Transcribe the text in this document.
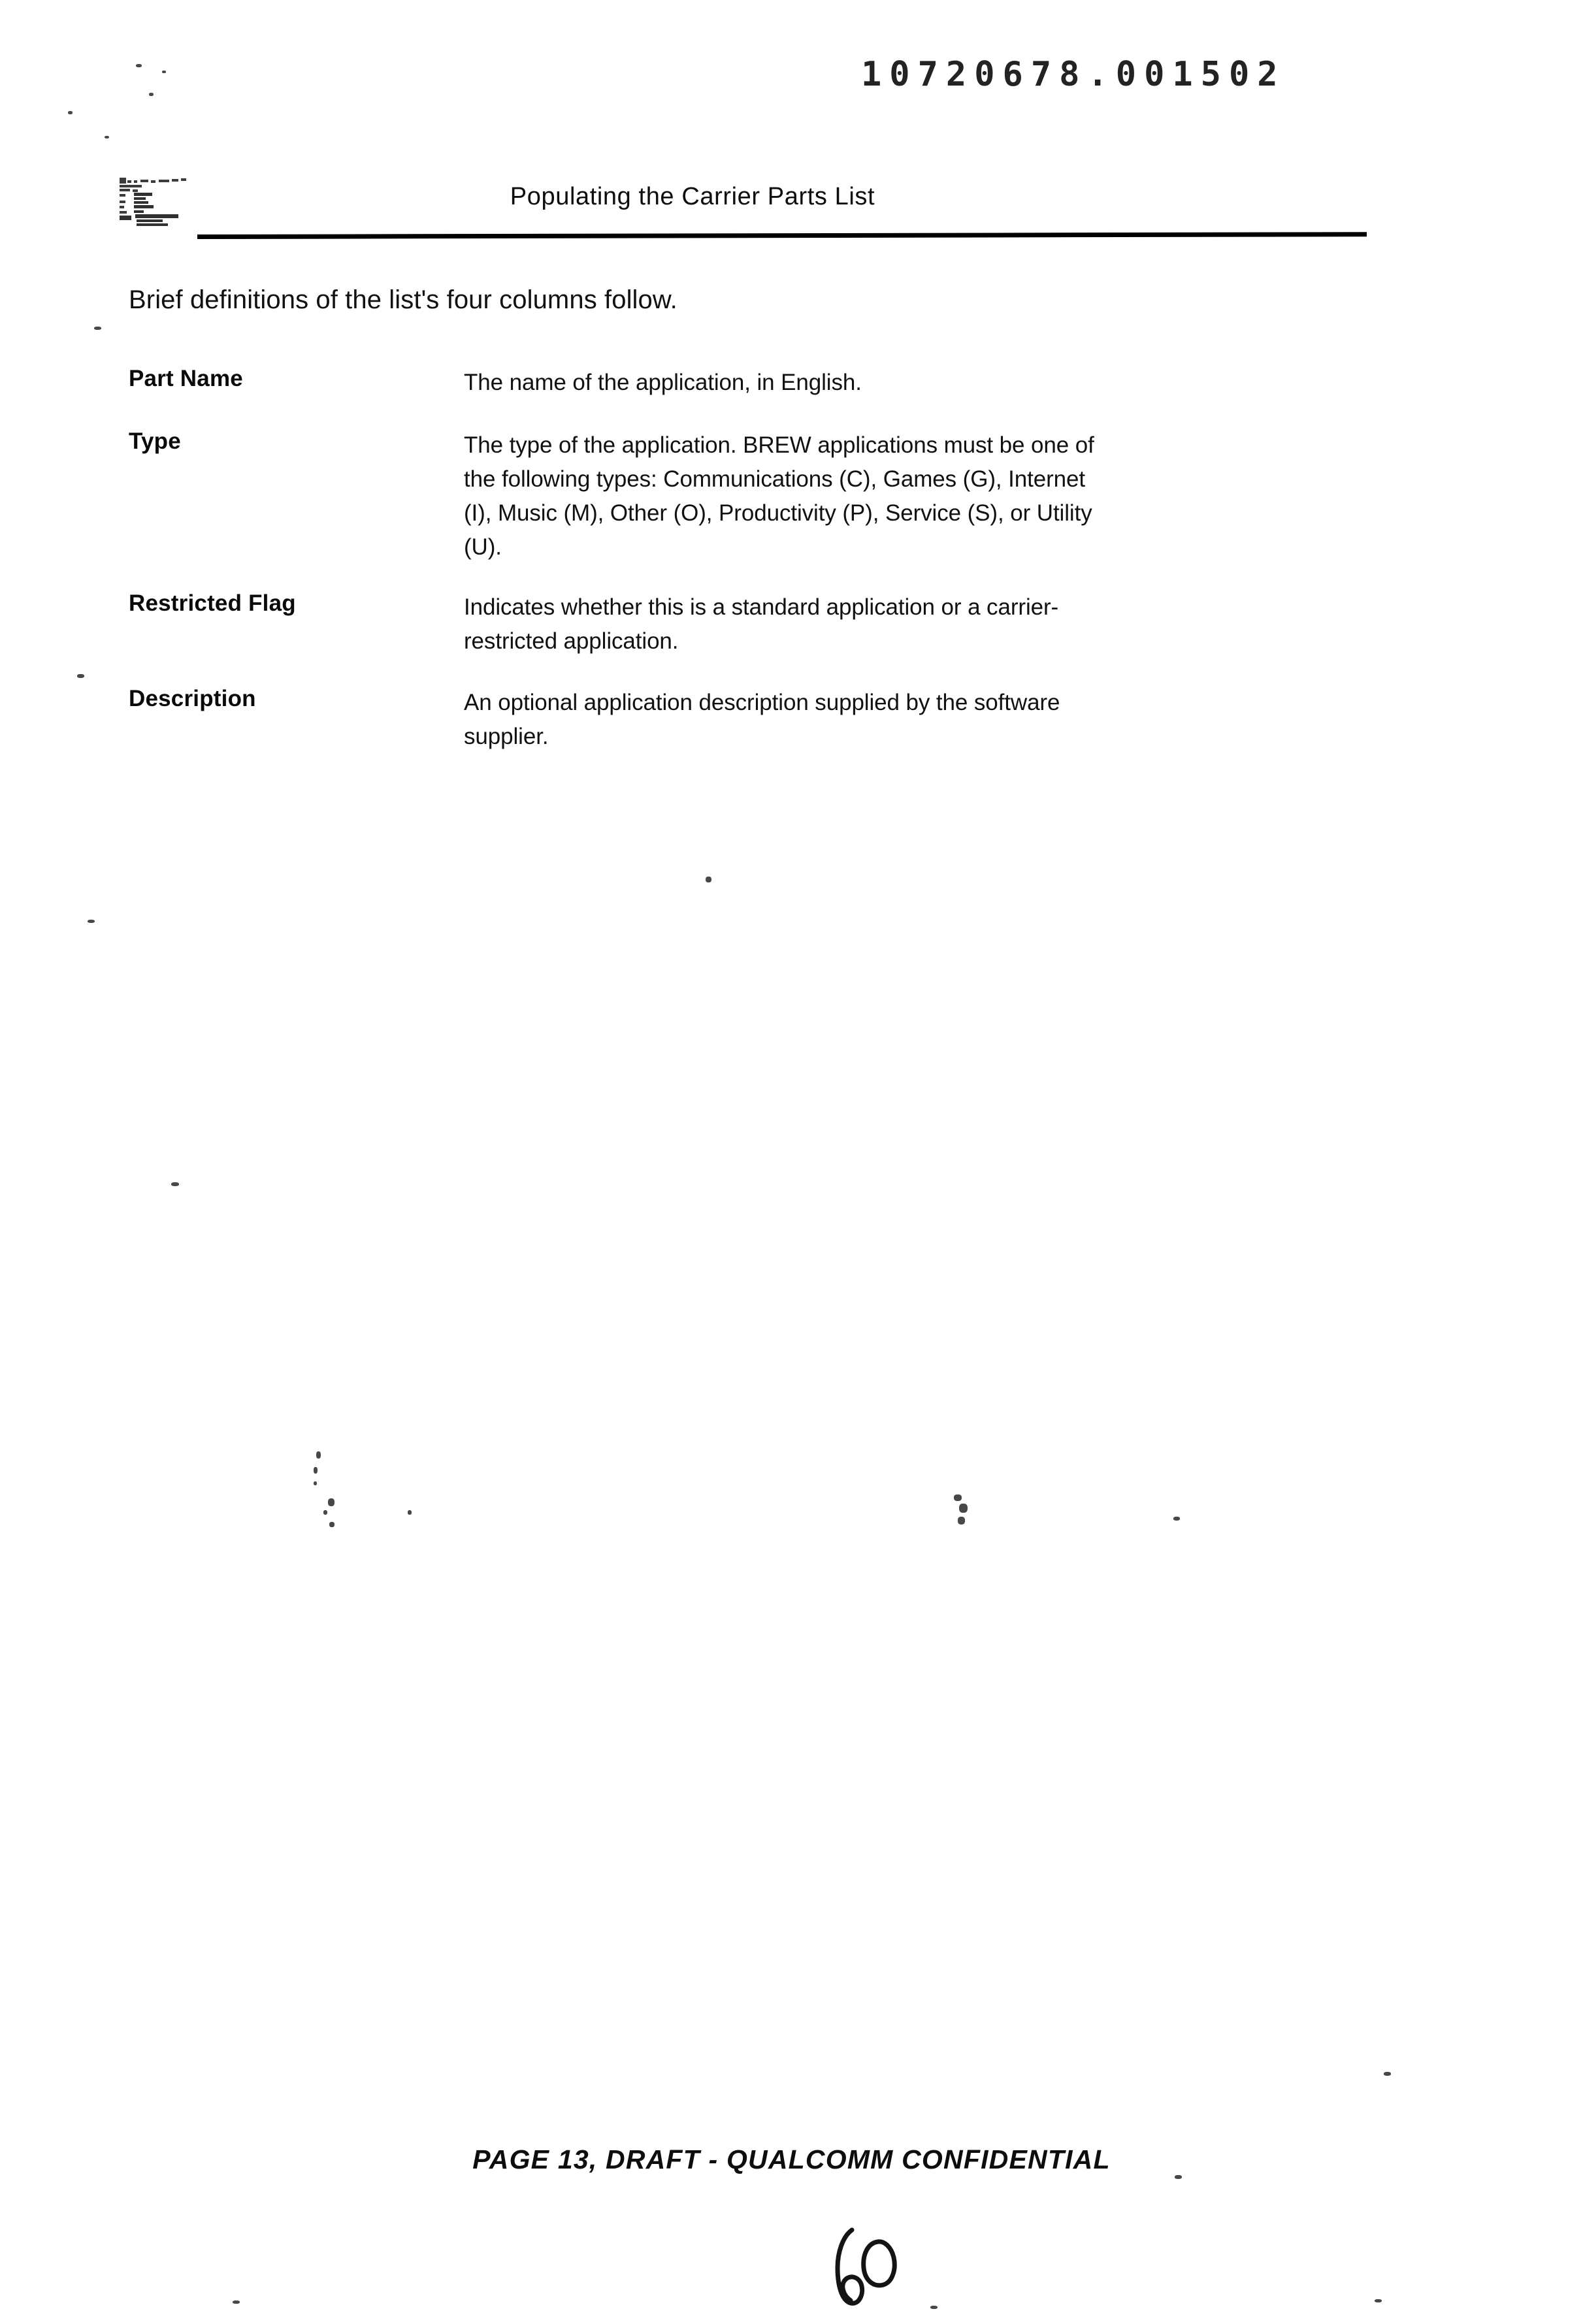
10720678.001502
Populating the Carrier Parts List
Brief definitions of the list's four columns follow.
Part Name	The name of the application, in English.
Type	The type of the application. BREW applications must be one of the following types: Communications (C), Games (G), Internet (I), Music (M), Other (O), Productivity (P), Service (S), or Utility (U).
Restricted Flag	Indicates whether this is a standard application or a carrier-restricted application.
Description	An optional application description supplied by the software supplier.
PAGE 13, DRAFT - QUALCOMM CONFIDENTIAL
